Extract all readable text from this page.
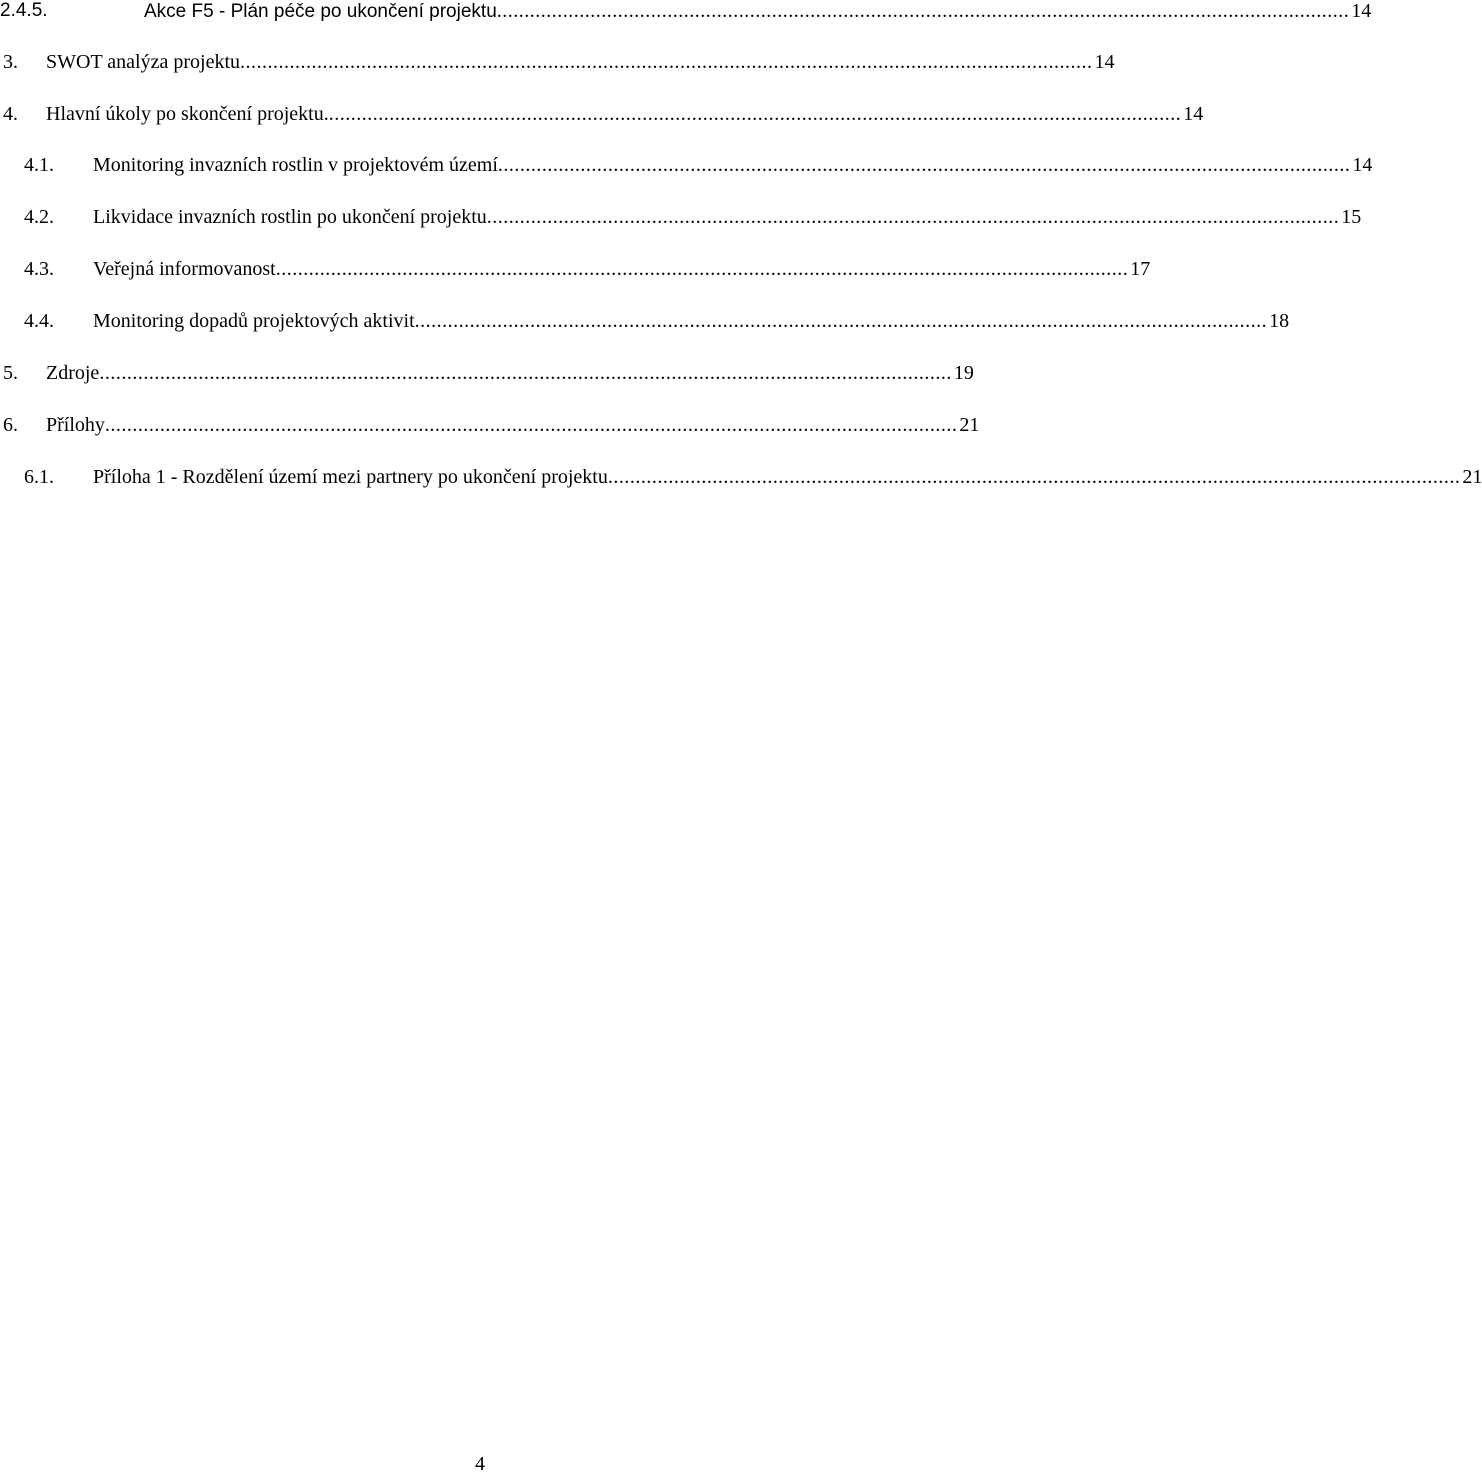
2.4.5.	Akce F5 - Plán péče po ukončení projektu ........................................................................................................................................................... 14
3. SWOT analýza projektu ........................................................................................................................................................... 14
4. Hlavní úkoly po skončení projektu. ........................................................................................................................................................... 14
4.1. Monitoring invazních rostlin v projektovém území ........................................................................................................................................................... 14
4.2. Likvidace invazních rostlin po ukončení projektu ........................................................................................................................................................... 15
4.3. Veřejná informovanost ........................................................................................................................................................... 17
4.4. Monitoring dopadů projektových aktivit ........................................................................................................................................................... 18
5. Zdroje ........................................................................................................................................................... 19
6. Přílohy ........................................................................................................................................................... 21
6.1. Příloha 1 - Rozdělení území mezi partnery po ukončení projektu ........................................................................................................................................................... 21
4
